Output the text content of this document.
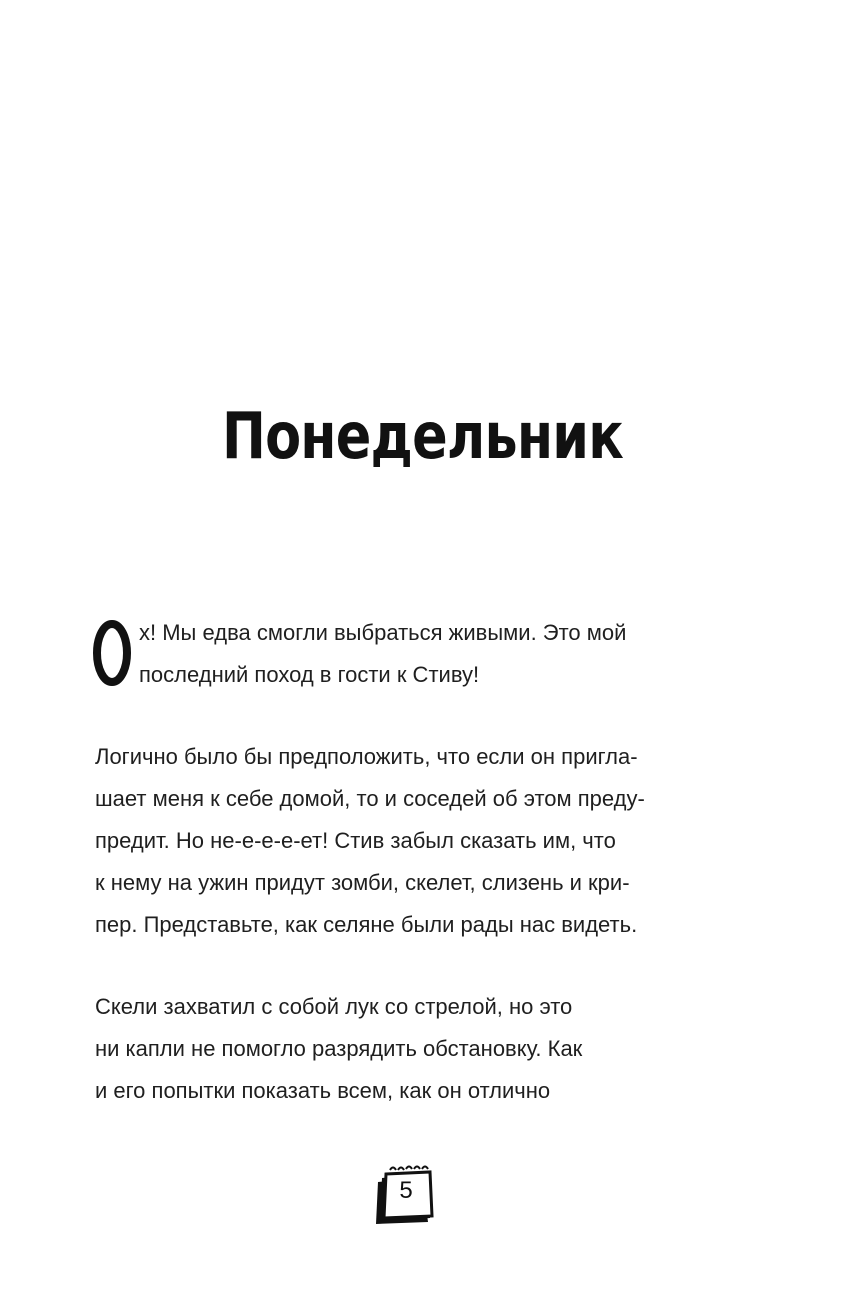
Понедельник
О
х! Мы едва смогли выбраться живыми. Это мой
последний поход в гости к Стиву!
Логично было бы предположить, что если он пригла-
шает меня к себе домой, то и соседей об этом преду-
предит. Но не-е-е-е-ет! Стив забыл сказать им, что
к нему на ужин придут зомби, скелет, слизень и кри-
пер. Представьте, как селяне были рады нас видеть.
Скели захватил с собой лук со стрелой, но это
ни капли не помогло разрядить обстановку. Как
и его попытки показать всем, как он отлично
5
